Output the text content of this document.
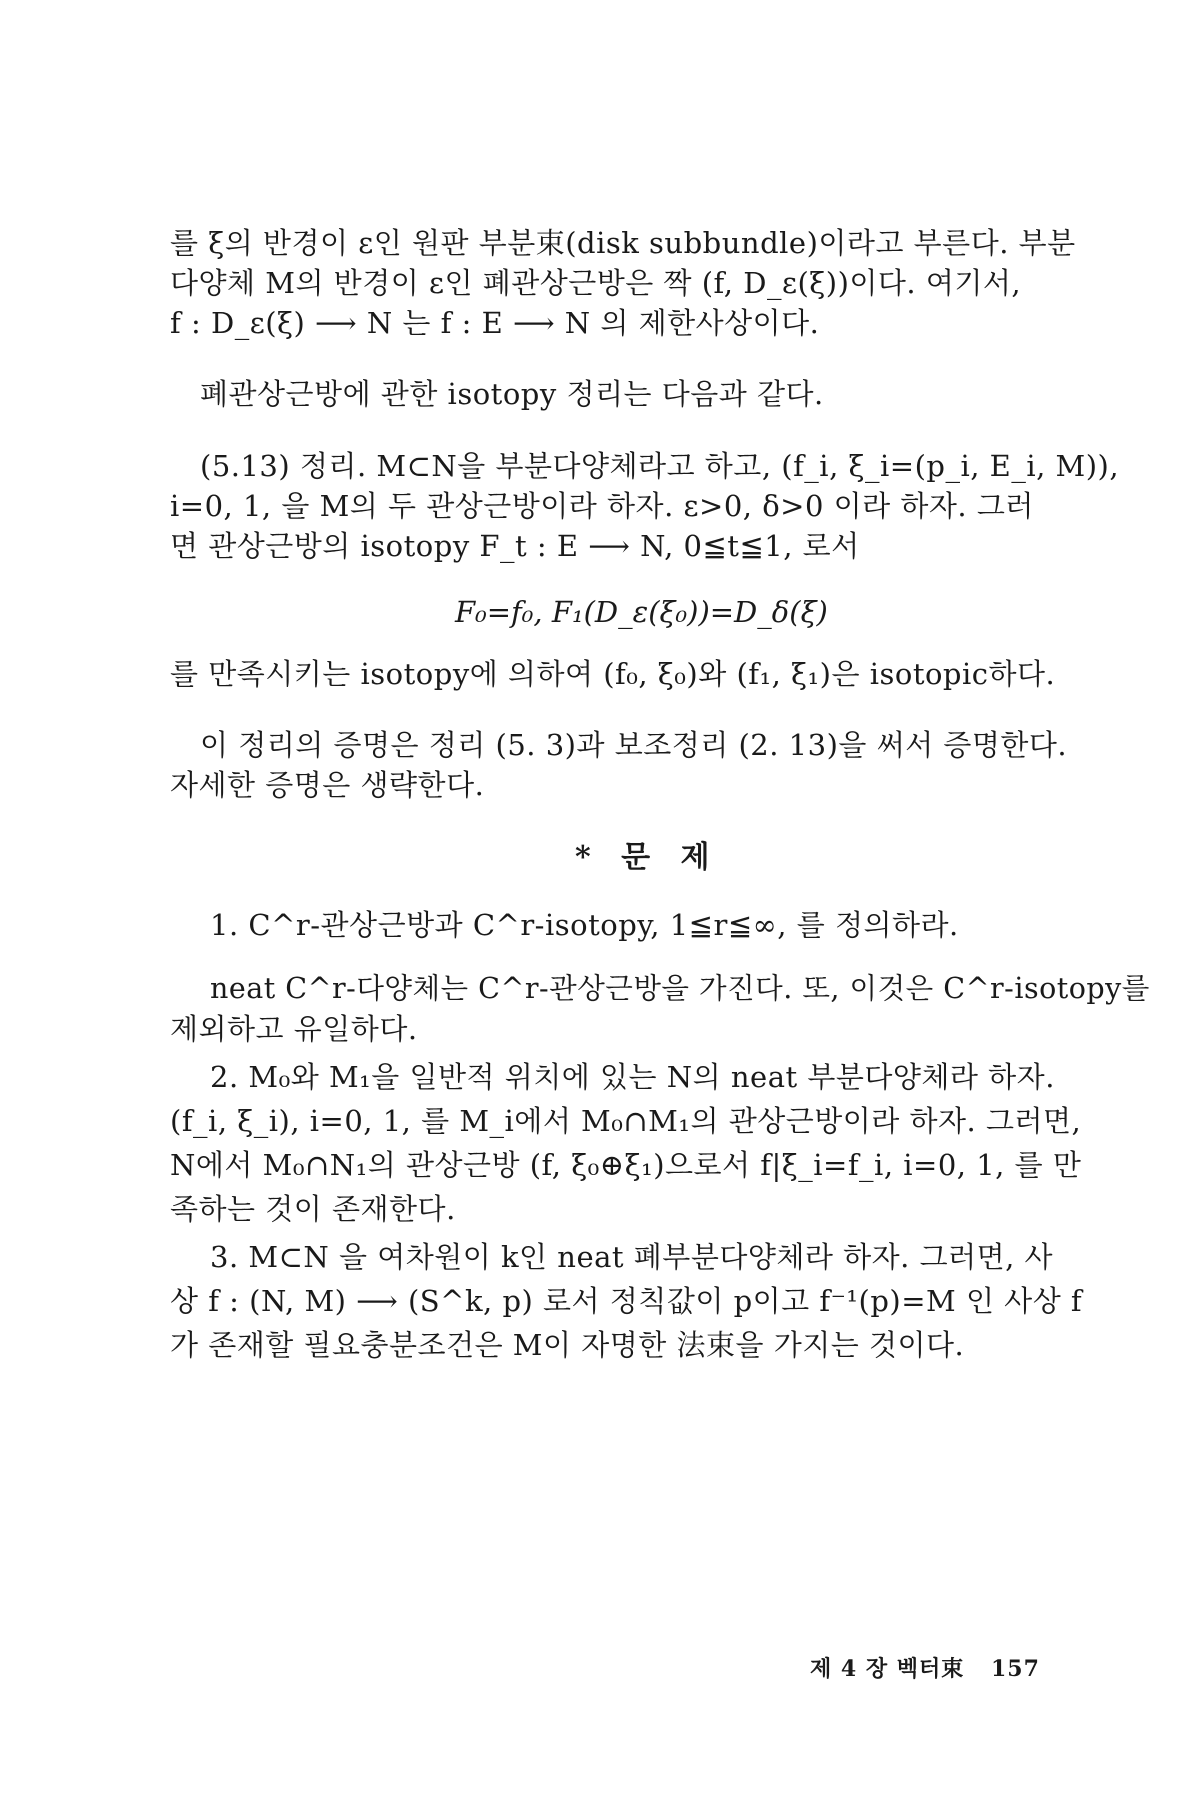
를 ξ의 반경이 ε인 원판 부분束(disk subbundle)이라고 부른다. 부분
다양체 M의 반경이 ε인 폐관상근방은 짝 (f, D_ε(ξ))이다. 여기서,
f : D_ε(ξ) ⟶ N 는 f : E ⟶ N 의 제한사상이다.
폐관상근방에 관한 isotopy 정리는 다음과 같다.
(5.13) 정리. M⊂N을 부분다양체라고 하고, (f_i, ξ_i=(p_i, E_i, M)),
i=0, 1, 을 M의 두 관상근방이라 하자. ε>0, δ>0 이라 하자. 그러
면 관상근방의 isotopy F_t : E ⟶ N, 0≦t≦1, 로서
F₀=f₀, F₁(D_ε(ξ₀))=D_δ(ξ)
를 만족시키는 isotopy에 의하여 (f₀, ξ₀)와 (f₁, ξ₁)은 isotopic하다.
이 정리의 증명은 정리 (5. 3)과 보조정리 (2. 13)을 써서 증명한다.
자세한 증명은 생략한다.
* 문 제
1. C^r-관상근방과 C^r-isotopy, 1≦r≦∞, 를 정의하라.
neat C^r-다양체는 C^r-관상근방을 가진다. 또, 이것은 C^r-isotopy를
제외하고 유일하다.
2. M₀와 M₁을 일반적 위치에 있는 N의 neat 부분다양체라 하자.
(f_i, ξ_i), i=0, 1, 를 M_i에서 M₀∩M₁의 관상근방이라 하자. 그러면,
N에서 M₀∩N₁의 관상근방 (f, ξ₀⊕ξ₁)으로서 f|ξ_i=f_i, i=0, 1, 를 만
족하는 것이 존재한다.
3. M⊂N 을 여차원이 k인 neat 폐부분다양체라 하자. 그러면, 사
상 f : (N, M) ⟶ (S^k, p) 로서 정칙값이 p이고 f⁻¹(p)=M 인 사상 f
가 존재할 필요충분조건은 M이 자명한 法束을 가지는 것이다.
제 4 장 벡터束 157
